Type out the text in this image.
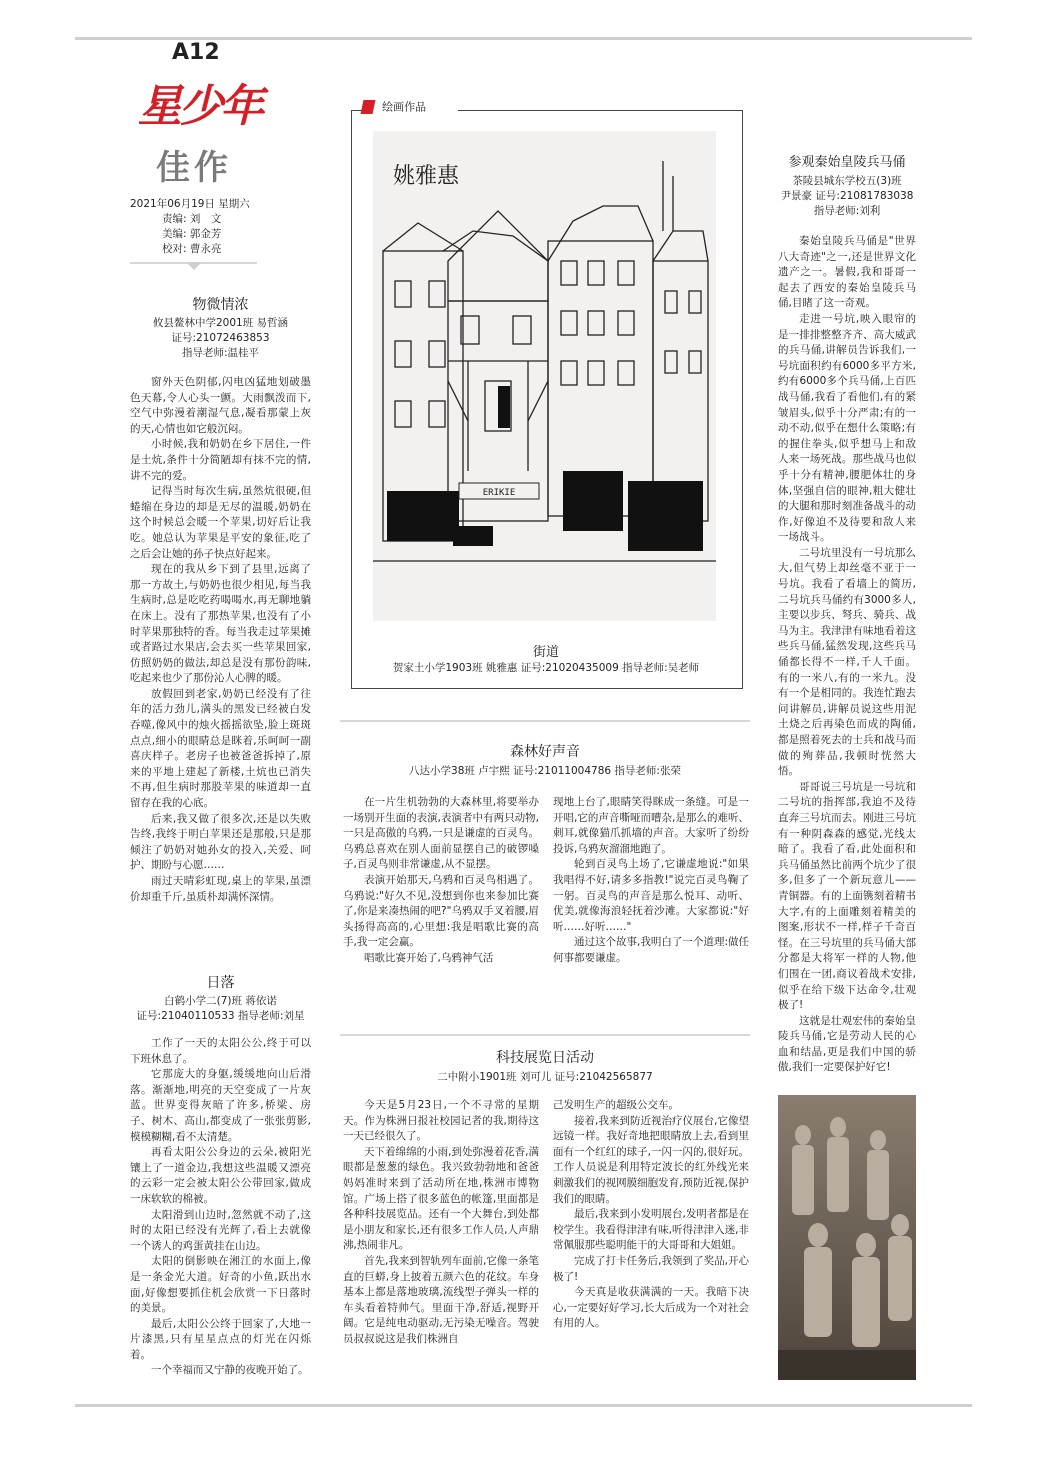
A12
星少年
佳作
2021年06月19日 星期六
责编: 刘　文
美编: 郭金芳
校对: 曹永亮
物微情浓
攸县鳌林中学2001班 易哲涵
证号:21072463853
指导老师:温桂平

窗外天色阴郁,闪电凶猛地划破墨色天幕,令人心头一颤。大雨飘泼而下,空气中弥漫着潮湿气息,凝看那蒙上灰的天,心情也如它般沉闷。

小时候,我和奶奶在乡下居住,一件是土炕,条件十分简陋却有抹不完的情,讲不完的爱。

记得当时每次生病,虽然炕很硬,但蜷缩在身边的却是无尽的温暖,奶奶在这个时候总会暖一个苹果,切好后让我吃。她总认为苹果是平安的象征,吃了之后会让她的孙子快点好起来。

现在的我从乡下到了县里,远离了那一方故土,与奶奶也很少相见,每当我生病时,总是吃吃药喝喝水,再无聊地躺在床上。没有了那热苹果,也没有了小时苹果那独特的香。每当我走过苹果摊或者路过水果店,会去买一些苹果回家,仿照奶奶的做法,却总是没有那份韵味,吃起来也少了那份沁人心脾的暖。

放假回到老家,奶奶已经没有了往年的活力劲儿,满头的黑发已经被白发吞噬,像风中的烛火摇摇欲坠,脸上斑斑点点,细小的眼睛总是眯着,乐呵呵一副喜庆样子。老房子也被爸爸拆掉了,原来的平地上建起了新楼,土炕也已消失不再,但生病时那股苹果的味道却一直留存在我的心底。

后来,我又做了很多次,还是以失败告终,我终于明白苹果还是那般,只是那倾注了奶奶对她孙女的投入,关爱、呵护、期盼与心愿……

雨过天晴彩虹现,桌上的苹果,虽漂价却重千斤,虽质朴却满怀深情。

日落
白鹤小学二(7)班 蒋依诺
证号:21040110533 指导老师:刘星

工作了一天的太阳公公,终于可以下班休息了。

它那庞大的身躯,缓缓地向山后滑落。渐渐地,明亮的天空变成了一片灰蓝。世界变得灰暗了许多,桥梁、房子、树木、高山,都变成了一张张剪影,模模糊糊,看不太清楚。

再看太阳公公身边的云朵,被阳光镶上了一道金边,我想这些温暖又漂亮的云彩一定会被太阳公公带回家,做成一床软软的棉被。

太阳滑到山边时,忽然就不动了,这时的太阳已经没有光辉了,看上去就像一个诱人的鸡蛋黄挂在山边。

太阳的倒影映在湘江的水面上,像是一条金光大道。好奇的小鱼,跃出水面,好像想要抓住机会欣赏一下日落时的美景。

最后,太阳公公终于回家了,大地一片漆黑,只有星星点点的灯光在闪烁着。

一个幸福而又宁静的夜晚开始了。

绘画作品
姚雅惠
ERIKIE
街道
贺家土小学1903班 姚雅惠 证号:21020435009 指导老师:吴老师
森林好声音
八达小学38班 卢宇熙 证号:21011004786 指导老师:张荣

在一片生机勃勃的大森林里,将要举办一场别开生面的表演,表演者中有两只动物,一只是高傲的乌鸦,一只是谦虚的百灵鸟。乌鸦总喜欢在别人面前显摆自己的破锣嗓子,百灵鸟则非常谦虚,从不显摆。

表演开始那天,乌鸦和百灵鸟相遇了。乌鸦说:"好久不见,没想到你也来参加比赛了,你是来凑热闹的吧?"乌鸦双手叉着腰,眉头扬得高高的,心里想:我是唱歌比赛的高手,我一定会赢。

唱歌比赛开始了,乌鸦神气活

现地上台了,眼睛笑得眯成一条缝。可是一开唱,它的声音嘶哑而嘈杂,是那么的难听、刺耳,就像猫爪抓墙的声音。大家听了纷纷投诉,乌鸦灰溜溜地跑了。

轮到百灵鸟上场了,它谦虚地说:"如果我唱得不好,请多多指教!"说完百灵鸟鞠了一躬。百灵鸟的声音是那么悦耳、动听、优美,就像海浪轻抚着沙滩。大家都说:"好听……好听……"

通过这个故事,我明白了一个道理:做任何事都要谦虚。

科技展览日活动
二中附小1901班 刘可儿 证号:21042565877

今天是5月23日,一个不寻常的星期天。作为株洲日报社校园记者的我,期待这一天已经很久了。

天下着绵绵的小雨,到处弥漫着花香,满眼都是葱葱的绿色。我兴致勃勃地和爸爸妈妈准时来到了活动所在地,株洲市博物馆。广场上搭了很多蓝色的帐篷,里面都是各种科技展览品。还有一个大舞台,到处都是小朋友和家长,还有很多工作人员,人声鼎沸,热闹非凡。

首先,我来到智轨列车面前,它像一条笔直的巨蟒,身上披着五颜六色的花纹。车身基本上都是落地玻璃,流线型子弹头一样的车头看着特帅气。里面干净,舒适,视野开阔。它是纯电动驱动,无污染无噪音。驾驶员叔叔说这是我们株洲自

己发明生产的超级公交车。

接着,我来到防近视治疗仪展台,它像望远镜一样。我好奇地把眼睛放上去,看到里面有一个红红的球子,一闪一闪的,很好玩。工作人员说是利用特定波长的红外线光来刺激我们的视网膜细胞发育,预防近视,保护我们的眼睛。

最后,我来到小发明展台,发明者都是在校学生。我看得津津有味,听得津津入迷,非常佩服那些聪明能干的大哥哥和大姐姐。

完成了打卡任务后,我领到了奖品,开心极了!

今天真是收获满满的一天。我暗下决心,一定要好好学习,长大后成为一个对社会有用的人。

参观秦始皇陵兵马俑
茶陵县城东学校五(3)班
尹景豪 证号:21081783038
指导老师:刘利

秦始皇陵兵马俑是"世界八大奇迹"之一,还是世界文化遗产之一。暑假,我和哥哥一起去了西安的秦始皇陵兵马俑,目睹了这一奇观。

走进一号坑,映入眼帘的是一排排整整齐齐、高大威武的兵马俑,讲解员告诉我们,一号坑面积约有6000多平方米,约有6000多个兵马俑,上百匹战马俑,我看了看他们,有的紧皱眉头,似乎十分严肃;有的一动不动,似乎在想什么策略;有的握住拳头,似乎想马上和敌人来一场死战。那些战马也似乎十分有精神,腰肥体壮的身体,坚强自信的眼神,粗大健壮的大腿和那时刻准备战斗的动作,好像迫不及待要和敌人来一场战斗。

二号坑里没有一号坑那么大,但气势上却丝毫不亚于一号坑。我看了看墙上的简历,二号坑兵马俑约有3000多人,主要以步兵、弩兵、骑兵、战马为主。我津津有味地看着这些兵马俑,猛然发现,这些兵马俑都长得不一样,千人千面。有的一米八,有的一米九。没有一个是相同的。我连忙跑去问讲解员,讲解员说这些用泥土烧之后再染色而成的陶俑,都是照着死去的士兵和战马而做的殉葬品,我顿时恍然大悟。

哥哥说三号坑是一号坑和二号坑的指挥部,我迫不及待直奔三号坑而去。刚进三号坑有一种阴森森的感觉,光线太暗了。我看了看,此处面积和兵马俑虽然比前两个坑少了很多,但多了一个新玩意儿——青铜器。有的上面镌刻着精书大字,有的上面雕刻着精美的图案,形状不一样,样子千奇百怪。在三号坑里的兵马俑大部分都是大将军一样的人物,他们围在一团,商议着战术安排,似乎在给下级下达命令,壮观极了!

这就是壮观宏伟的秦始皇陵兵马俑,它是劳动人民的心血和结晶,更是我们中国的骄傲,我们一定要保护好它!
